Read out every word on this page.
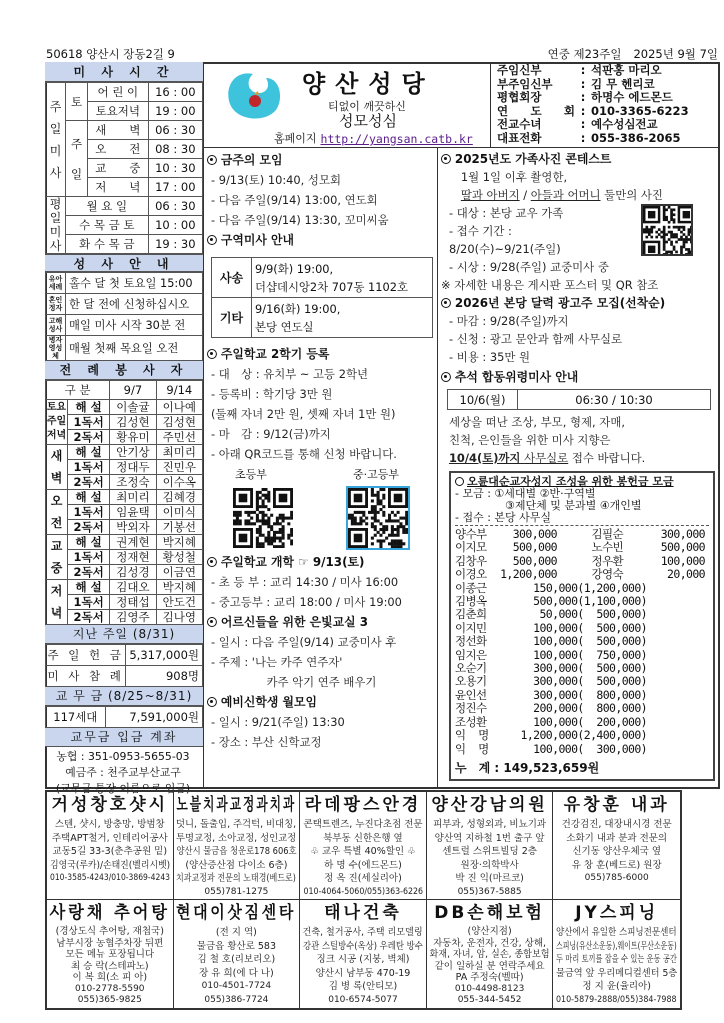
50618 양산시 장동2길 9	연중 제23주일 2025년 9월 7일
미 사 시 간
주일미사	토	어 린 이	16 : 00
		토요저녁	19 : 00
	주일	새　　벽	06 : 30
		오　　전	08 : 30
		교　　중	10 : 30
		저　　녁	17 : 00
평일미사	월 요 일		06 : 30
	수 목 금 토		10 : 00
	화 수 목 금		19 : 30
성 사 안 내
유아세례	홀수 달 첫 토요일 15:00

혼인정자	한 달 전에 신청하십시오

고해성사	매일 미사 시작 30분 전

병자영성체	매월 첫째 목요일 오전
전 례 봉 사 자
구 분		9/7	9/14
토요주일저녁	해 설	이솔귤	이나예
	1독서	김성현	김성현
	2독서	황유미	주민선
새벽	해 설	안기상	최미리
	1독서	정대두	진민우
	2독서	조정숙	이수옥
오전	해 설	최미리	김혜경
	1독서	임윤택	이미식
	2독서	박외자	기봉선
교중	해 설	권계현	박지혜
	1독서	정재현	황성철
	2독서	김성경	이금연
저녁	해 설	김대오	박지혜
	1독서	정태섭	안도건
	2독서	김영주	김나영
지난 주일 (8/31)
주 일 헌 금	5,317,000원
미 사 참 례	908명
교 무 금 (8/25~8/31)
117세대	7,591,000원
교무금 입금 계좌
농협 : 351-0953-5655-03
예금주 : 천주교부산교구
(교무금 통장 이름으로 입금)
양산성당
티없이 깨끗하신
성모성심
홈페이지 http://yangsan.catb.kr
주임신부	: 석판홍 마리오
부주임신부	: 김 무 헨리코
평협회장	: 하명수 에드몬드
연 도 회 : 010-3365-6223
전교수녀	: 예수성심전교
대표전화	: 055-386-2065
금주의 모임
- 9/13(토) 10:40, 성모회
- 다음 주일(9/14) 13:00, 연도회
- 다음 주일(9/14) 13:30, 꼬미씨움
구역미사 안내
사송	9/9(화) 19:00,
더샵데시앙2차 707동 1102호

기타	9/16(화) 19:00,
본당 연도실
주일학교 2학기 등록
- 대　상 : 유치부 ~ 고등 2학년
- 등록비 : 학기당 3만 원
(둘째 자녀 2만 원, 셋째 자녀 1만 원)
- 마　감 : 9/12(금)까지
- 아래 QR코드를 통해 신청 바랍니다.
초등부	중·고등부
주일학교 개학 ☞ 9/13(토)
- 초 등 부 : 교리 14:30 / 미사 16:00
- 중고등부 : 교리 18:00 / 미사 19:00
어르신들을 위한 은빛교실 3
- 일시 : 다음 주일(9/14) 교중미사 후
- 주제 : '나는 카주 연주자'
카주 악기 연주 배우기
예비신학생 월모임
- 일시 : 9/21(주일) 13:30
- 장소 : 부산 신학교정
2025년도 가족사진 콘테스트
1월 1일 이후 촬영한,
딸과 아버지 / 아들과 어머니 둘만의 사진
- 대상 : 본당 교우 가족
- 접수 기간 :
8/20(수)~9/21(주일)
- 시상 : 9/28(주일) 교중미사 중
※ 자세한 내용은 게시판 포스터 및 QR 참조
2026년 본당 달력 광고주 모집(선착순)
- 마감 : 9/28(주일)까지
- 신청 : 광고 문안과 함께 사무실로
- 비용 : 35만 원
추석 합동위령미사 안내
10/6(월)	06:30 / 10:30
세상을 떠난 조상, 부모, 형제, 자매,
친척, 은인들을 위한 미사 지향은
10/4(토)까지 사무실로 접수 바랍니다.
오륜대순교자성지 조성을 위한 봉헌금 모금
- 모금 : ①세대별 ②반·구역별
③제단체 및 분과별 ④개인별
- 접수 : 본당 사무실
양수부 300,000	김필순	300,000
이지모 500,000	노수빈	500,000
김창우 500,000	정우환	100,000
이경오 1,200,000	강영숙	20,000
이종근	150,000(1,200,000)
김병옥	500,000(1,100,000)
김춘희	50,000(  500,000)
이지민	100,000(  500,000)
정선화	100,000(  500,000)
임지은	100,000(  750,000)
오순기	300,000(  500,000)
오용기	300,000(  500,000)
윤인선	300,000(  800,000)
정진수	200,000(  800,000)
조성환	100,000(  200,000)
익  명	1,200,000(2,400,000)
익  명	100,000(  300,000)
누　계 : 149,523,659원
거성창호샷시
스텐, 샷시, 방충망, 방범창
주택APT철거, 인테리어공사
교동5길 33-3(춘추공원 밑)
김영국(루카)/손태진(벨리시벳)
010-3585-4243/010-3869-4243
노블치과교정과치과
덧니, 돌출입, 주걱턱, 비대칭,
투명교정, 소아교정, 성인교정
양산시 물금읍 청운로178 606호
(양산증산점 다이소 6층)
치과교정과 전문의 노태경(베드로)
055)781-1275
라데팡스안경
콘택트렌즈, 누진다초점 전문
북부동 신한은행 옆
♧ 교우 특별 40%할인 ♧
하 명 수(에드몬드)
정 옥 진(세실리아)
010-4064-5060/055)363-6226
양산강남의원
피부과, 성형외과, 비뇨기과
양산역 지하철 1번 출구 앞
센트럴 스위트빌딩 2층
원장·의학박사
박 진 익(마르코)
055)367-5885
유창훈 내과
건강검진, 대장내시경 전문
소화기 내과 분과 전문의
신기동 양산우체국 옆
유 창 훈(베드로) 원장
055)785-6000
사랑채 추어탕
(경상도식 추어탕, 재첩국)
남부시장 농협주차장 뒤편
모든 메뉴 포장됩니다
최 승 락(스테파노)
이 복 희(소 피 아)
010-2778-5590
055)365-9825
현대이삿짐센타
(전 지 역)
물금읍 황산로 583
김 철 호(리보리오)
장 유 희(에 다 나)
010-4501-7724
055)386-7724
태나건축
건축, 철거공사, 주택 리모델링
강관 스틸방수(옥상) 우레탄 방수
징크 시공 (지붕, 벽체)
양산시 남부동 470-19
김 병 록(안티모)
010-6574-5077
DB손해보험
(양산지점)
자동차, 운전자, 건강, 상해,
화재, 자녀, 암, 실손, 종합보험
같이 일하실 분 연락주세요
PA 주정숙(벨따)
010-4498-8123
055-344-5452
JY스피닝
양산에서 유일한 스피닝전문센터
스피닝(유산소운동),웨이트(무산소운동)
두 마리 토끼를 잡을 수 있는 운동 공간
물금역 앞 우리메디컬센터 5층
정 지 윤(율리아)
010-5879-2888/055)384-7988
